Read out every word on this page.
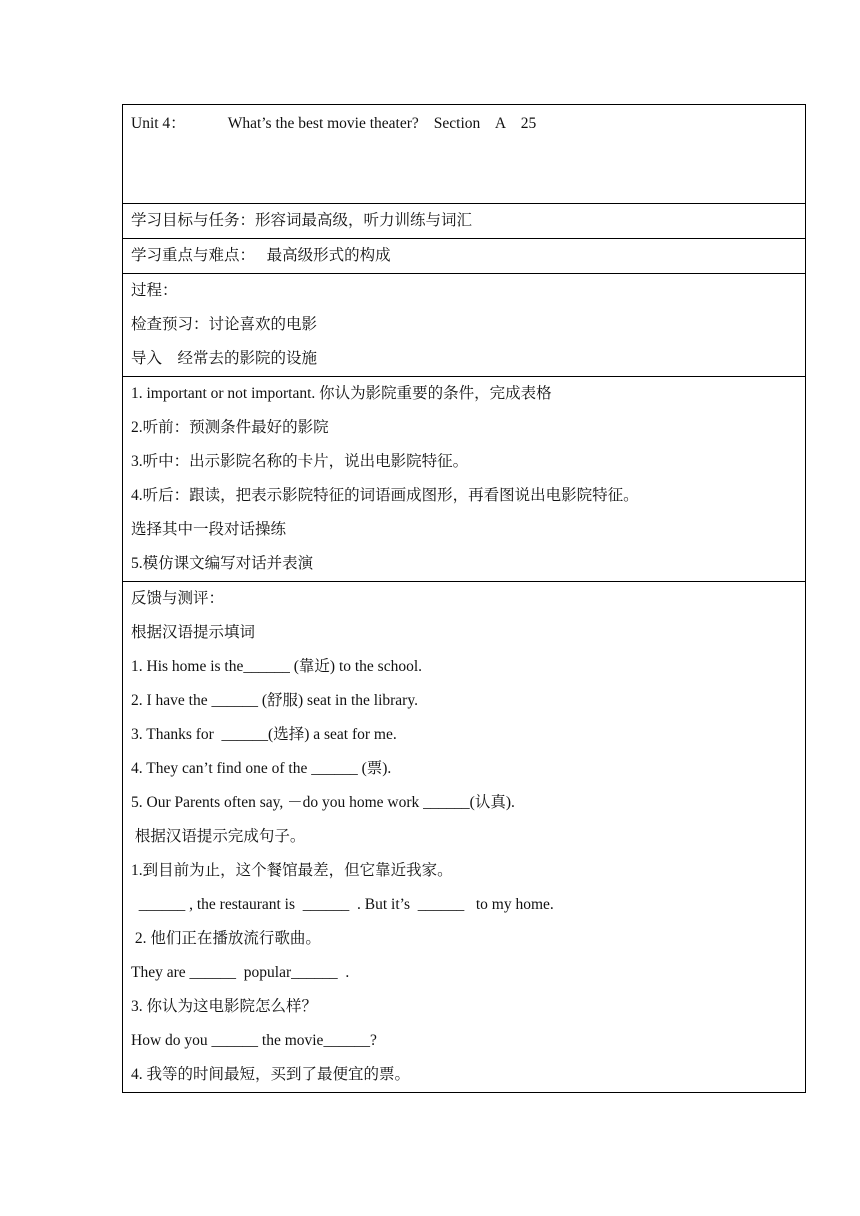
Unit 4：	What’s the best movie theater? Section    A    25
学习目标与任务：形容词最高级，听力训练与词汇
学习重点与难点：   最高级形式的构成
过程：
检查预习：讨论喜欢的电影
导入    经常去的影院的设施
1. important or not important. 你认为影院重要的条件，完成表格
2.听前：预测条件最好的影院
3.听中：出示影院名称的卡片，说出电影院特征。
4.听后：跟读，把表示影院特征的词语画成图形，再看图说出电影院特征。
选择其中一段对话操练
5.模仿课文编写对话并表演
反馈与测评：
根据汉语提示填词
1. His home is the______ (靠近) to the school.
2. I have the ______ (舒服) seat in the library.
3. Thanks for  ______(选择) a seat for me.
4. They can’t find one of the ______ (票).
5. Our Parents often say, －do you home work ______(认真).
根据汉语提示完成句子。
1.到目前为止，这个餐馆最差，但它靠近我家。
______ , the restaurant is  ______  . But it’s  ______   to my home.
2. 他们正在播放流行歌曲。
They are ______  popular______  .
3. 你认为这电影院怎么样？
How do you ______ the movie______?
4. 我等的时间最短，买到了最便宜的票。
